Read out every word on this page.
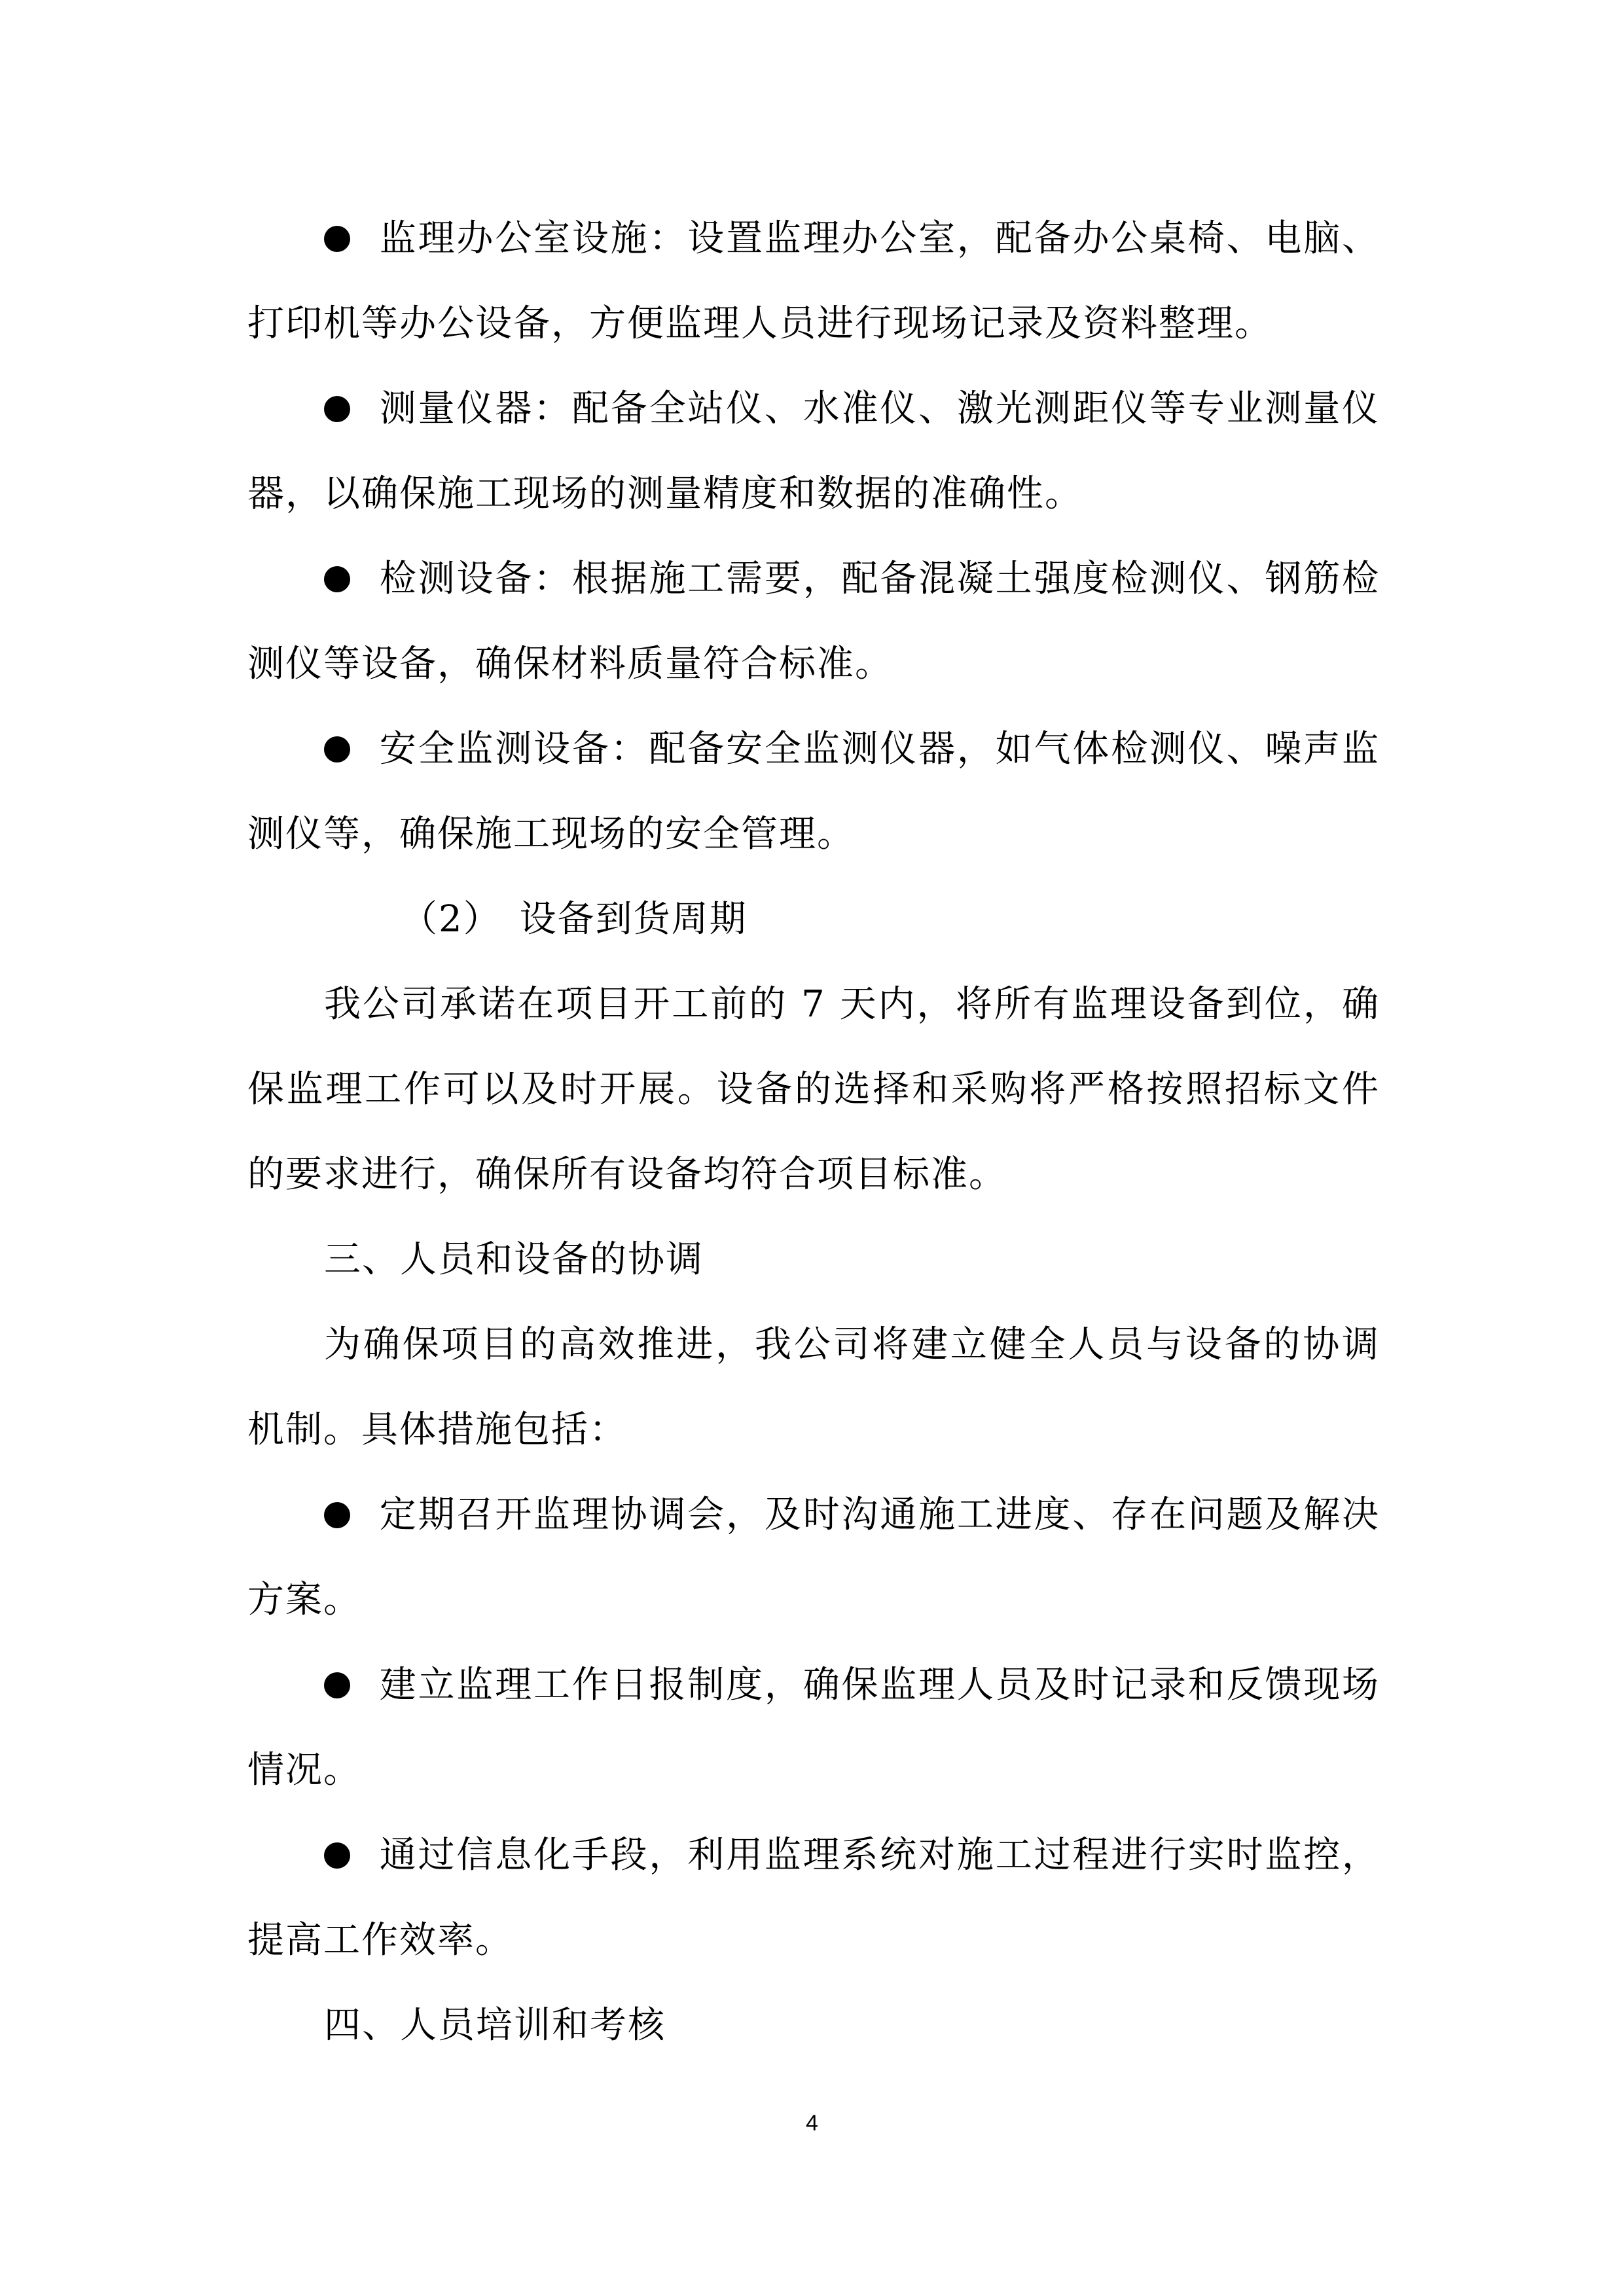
监理办公室设施：设置监理办公室，配备办公桌椅、电脑、打印机等办公设备，方便监理人员进行现场记录及资料整理。

测量仪器：配备全站仪、水准仪、激光测距仪等专业测量仪器，以确保施工现场的测量精度和数据的准确性。

检测设备：根据施工需要，配备混凝土强度检测仪、钢筋检测仪等设备，确保材料质量符合标准。

安全监测设备：配备安全监测仪器，如气体检测仪、噪声监测仪等，确保施工现场的安全管理。

（2） 设备到货周期

我公司承诺在项目开工前的 7 天内，将所有监理设备到位，确保监理工作可以及时开展。设备的选择和采购将严格按照招标文件的要求进行，确保所有设备均符合项目标准。

三、人员和设备的协调

为确保项目的高效推进，我公司将建立健全人员与设备的协调机制。具体措施包括：

定期召开监理协调会，及时沟通施工进度、存在问题及解决方案。

建立监理工作日报制度，确保监理人员及时记录和反馈现场情况。

通过信息化手段，利用监理系统对施工过程进行实时监控，提高工作效率。

四、人员培训和考核

4
